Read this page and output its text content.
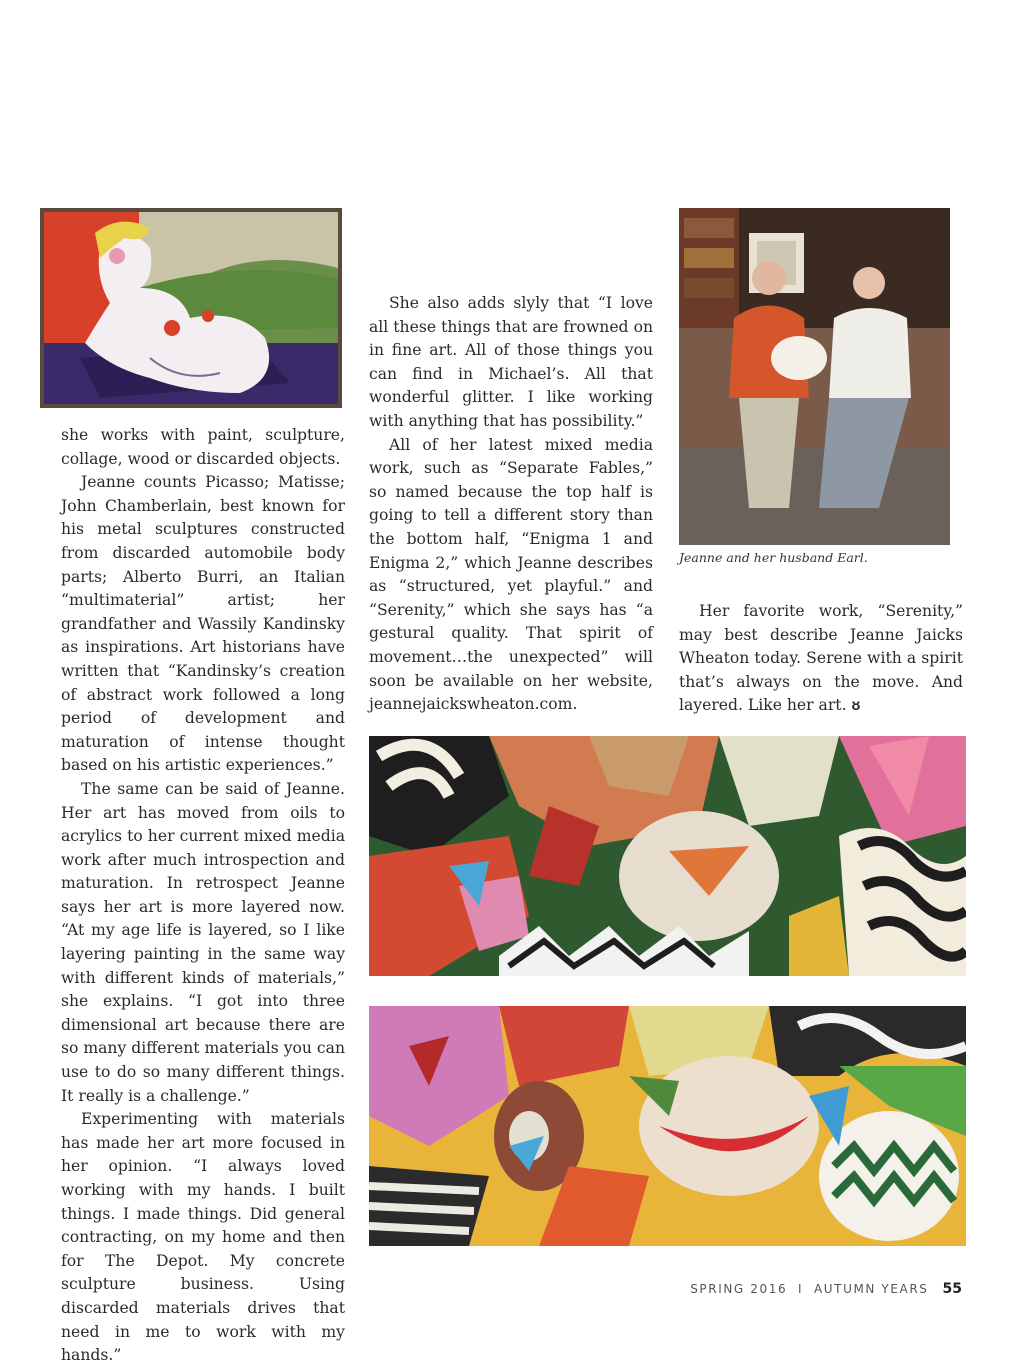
Jeanne and her husband Earl.

she works with paint, sculpture, collage, wood or discarded objects.

Jeanne counts Picasso; Matisse; John Chamberlain, best known for his metal sculptures constructed from discarded automobile body parts; Alberto Burri, an Italian “multimaterial” artist; her grandfather and Wassily Kandinsky as inspirations. Art historians have written that “Kandinsky’s creation of abstract work followed a long period of development and maturation of intense thought based on his artistic experiences.”

The same can be said of Jeanne. Her art has moved from oils to acrylics to her current mixed media work after much introspection and maturation. In retrospect Jeanne says her art is more layered now. “At my age life is layered, so I like layering painting in the same way with different kinds of materials,” she explains. “I got into three dimensional art because there are so many different materials you can use to do so many different things. It really is a challenge.”

Experimenting with materials has made her art more focused in her opinion. “I always loved working with my hands. I built things. I made things. Did general contracting, on my home and then for The Depot. My concrete sculpture business. Using discarded materials drives that need in me to work with my hands.”

She also adds slyly that “I love all these things that are frowned on in fine art. All of those things you can find in Michael’s. All that wonderful glitter. I like working with anything that has possibility.”

All of her latest mixed media work, such as “Separate Fables,” so named because the top half is going to tell a different story than the bottom half, “Enigma 1 and Enigma 2,” which Jeanne describes as “structured, yet playful.” and “Serenity,” which she says has “a gestural quality. That spirit of movement…the unexpected” will soon be available on her website, jeannejaickswheaton.com.

Her favorite work, “Serenity,” may best describe Jeanne Jaicks Wheaton today. Serene with a spirit that’s always on the move. And layered. Like her art. ᴕ

SPRING 2016  I  AUTUMN YEARS 55
